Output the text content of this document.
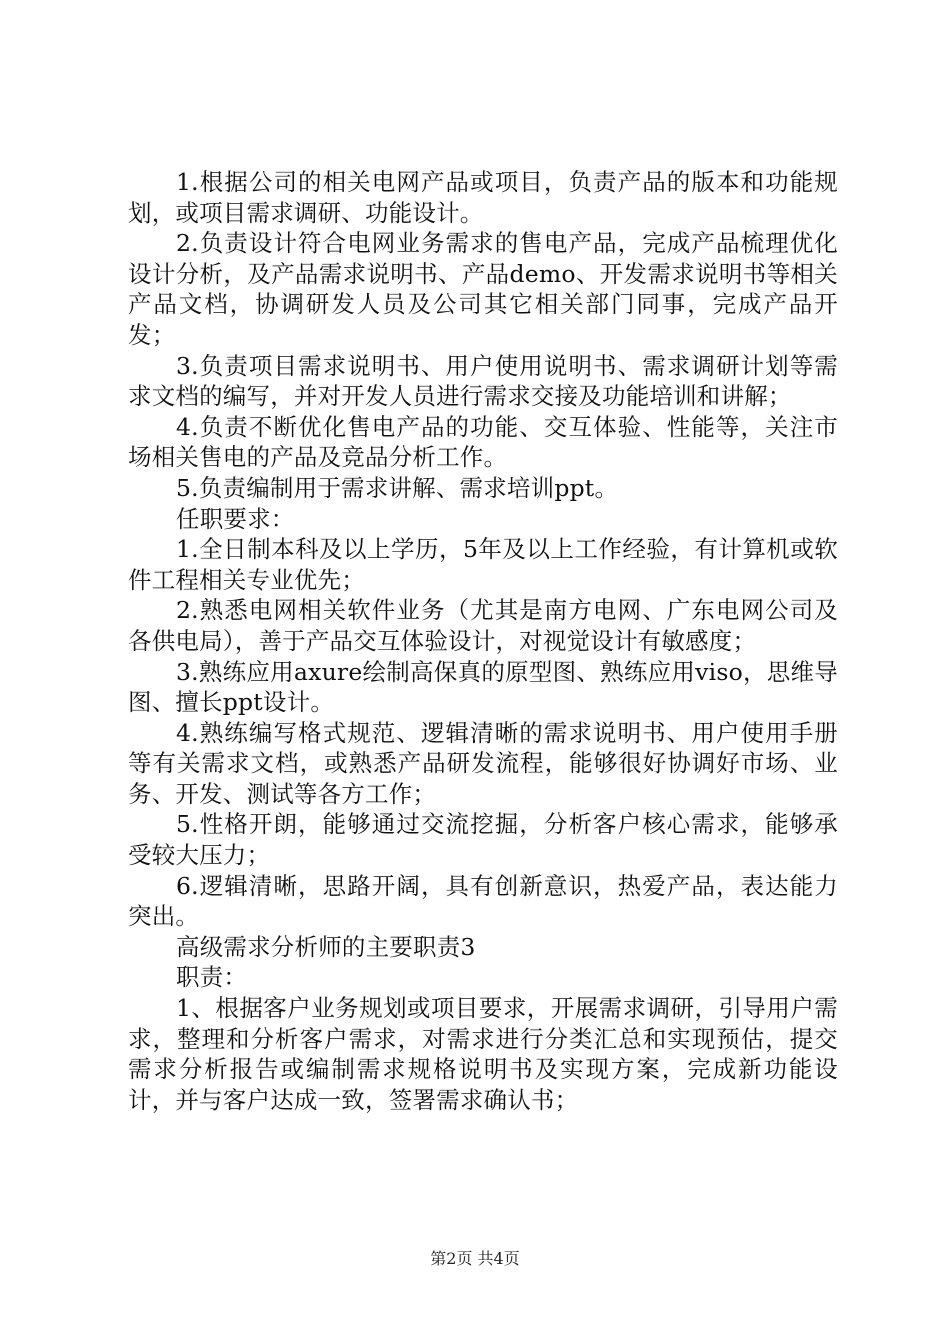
1.根据公司的相关电网产品或项目，负责产品的版本和功能规划，或项目需求调研、功能设计。

2.负责设计符合电网业务需求的售电产品，完成产品梳理优化设计分析，及产品需求说明书、产品demo、开发需求说明书等相关产品文档，协调研发人员及公司其它相关部门同事，完成产品开发；

3.负责项目需求说明书、用户使用说明书、需求调研计划等需求文档的编写，并对开发人员进行需求交接及功能培训和讲解；

4.负责不断优化售电产品的功能、交互体验、性能等，关注市场相关售电的产品及竞品分析工作。

5.负责编制用于需求讲解、需求培训ppt。

任职要求：

1.全日制本科及以上学历，5年及以上工作经验，有计算机或软件工程相关专业优先；

2.熟悉电网相关软件业务（尤其是南方电网、广东电网公司及各供电局），善于产品交互体验设计，对视觉设计有敏感度；

3.熟练应用axure绘制高保真的原型图、熟练应用viso，思维导图、擅长ppt设计。

4.熟练编写格式规范、逻辑清晰的需求说明书、用户使用手册等有关需求文档，或熟悉产品研发流程，能够很好协调好市场、业务、开发、测试等各方工作；

5.性格开朗，能够通过交流挖掘，分析客户核心需求，能够承受较大压力；

6.逻辑清晰，思路开阔，具有创新意识，热爱产品，表达能力突出。

高级需求分析师的主要职责3

职责：

1、根据客户业务规划或项目要求，开展需求调研，引导用户需求，整理和分析客户需求，对需求进行分类汇总和实现预估，提交需求分析报告或编制需求规格说明书及实现方案，完成新功能设计，并与客户达成一致，签署需求确认书；

第2页 共4页
